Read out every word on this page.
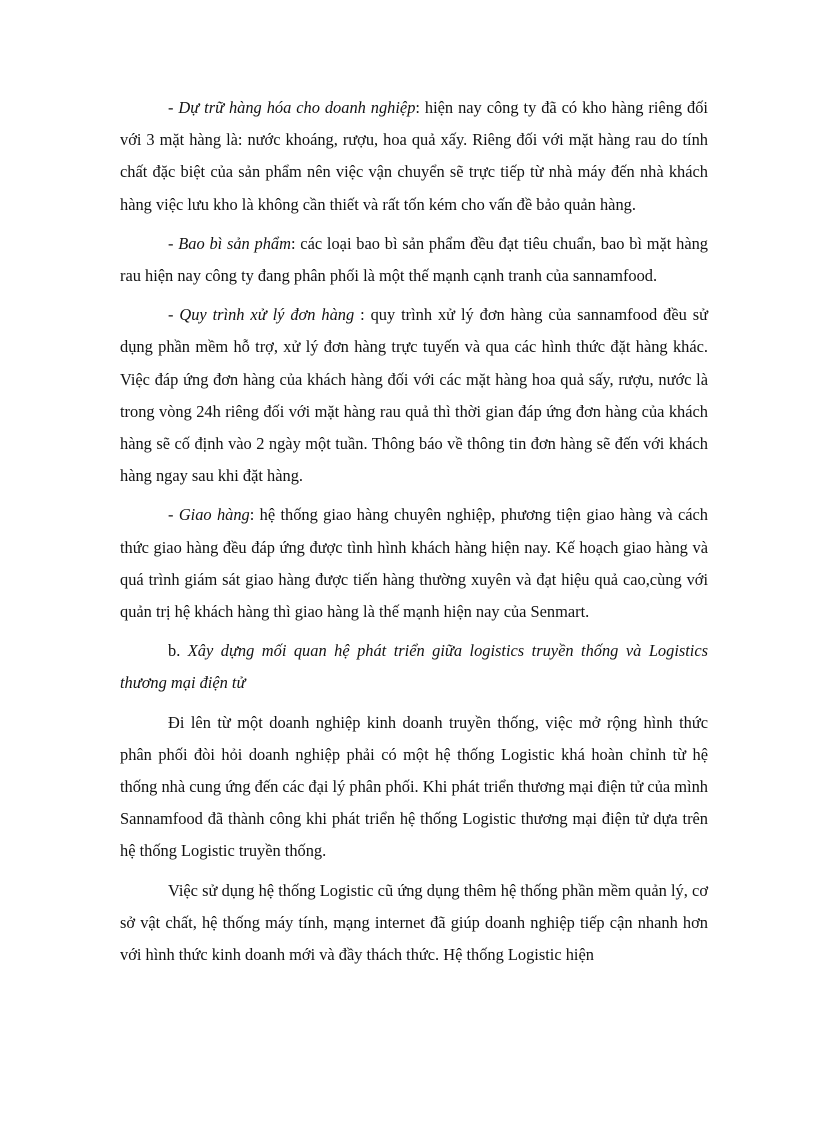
- Dự trữ hàng hóa cho doanh nghiệp: hiện nay công ty đã có kho hàng riêng đối với 3 mặt hàng là: nước khoáng, rượu, hoa quả xấy. Riêng đối với mặt hàng rau do tính chất đặc biệt của sản phẩm nên việc vận chuyển sẽ trực tiếp từ nhà máy đến nhà khách hàng việc lưu kho là không cần thiết và rất tốn kém cho vấn đề bảo quản hàng.

- Bao bì sản phẩm: các loại bao bì sản phẩm đều đạt tiêu chuẩn, bao bì mặt hàng rau hiện nay công ty đang phân phối là một thế mạnh cạnh tranh của sannamfood.

- Quy trình xử lý đơn hàng : quy trình xử lý đơn hàng của sannamfood đều sử dụng phần mềm hỗ trợ, xử lý đơn hàng trực tuyến và qua các hình thức đặt hàng khác. Việc đáp ứng đơn hàng của khách hàng đối với các mặt hàng hoa quả sấy, rượu, nước là trong vòng 24h riêng đối với mặt hàng rau quả thì thời gian đáp ứng đơn hàng của khách hàng sẽ cố định vào 2 ngày một tuần. Thông báo về thông tin đơn hàng sẽ đến với khách hàng ngay sau khi đặt hàng.

- Giao hàng: hệ thống giao hàng chuyên nghiệp, phương tiện giao hàng và cách thức giao hàng đều đáp ứng được tình hình khách hàng hiện nay. Kế hoạch giao hàng và quá trình giám sát giao hàng được tiến hàng thường xuyên và đạt hiệu quả cao,cùng với quản trị hệ khách hàng thì giao hàng là thế mạnh hiện nay của Senmart.

b. Xây dựng mối quan hệ phát triển giữa logistics truyền thống và Logistics thương mại điện tử

Đi lên từ một doanh nghiệp kinh doanh truyền thống, việc mở rộng hình thức phân phối đòi hỏi doanh nghiệp phải có một hệ thống Logistic khá hoàn chỉnh từ hệ thống nhà cung ứng đến các đại lý phân phối. Khi phát triển thương mại điện tử của mình Sannamfood đã thành công khi phát triển hệ thống Logistic thương mại điện tử dựa trên hệ thống Logistic truyền thống.

Việc sử dụng hệ thống Logistic cũ ứng dụng thêm hệ thống phần mềm quản lý, cơ sở vật chất, hệ thống máy tính, mạng internet đã giúp doanh nghiệp tiếp cận nhanh hơn với hình thức kinh doanh mới và đầy thách thức. Hệ thống Logistic hiện
